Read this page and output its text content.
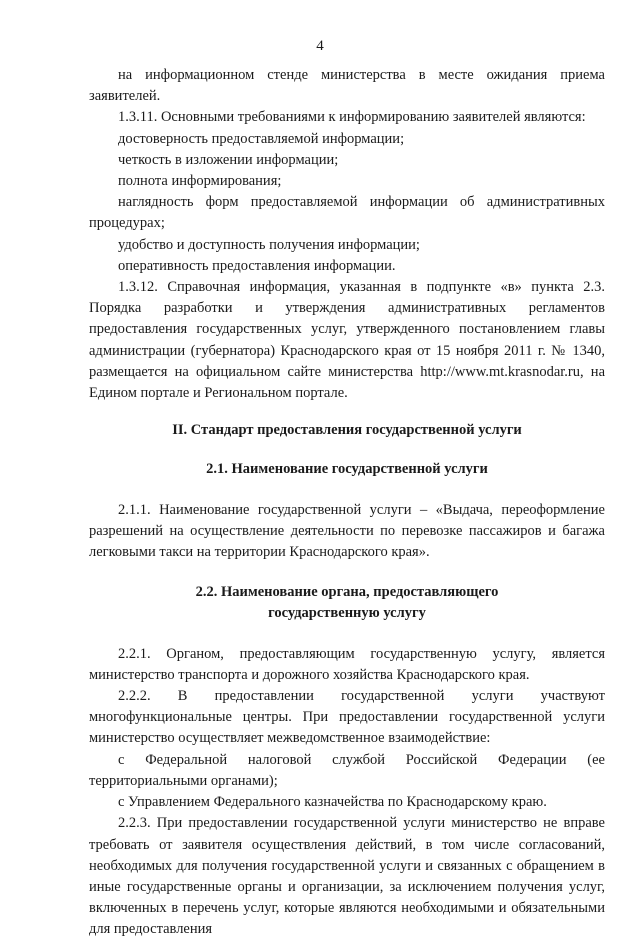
4

на информационном стенде министерства в месте ожидания приема заявителей.

1.3.11. Основными требованиями к информированию заявителей являются:

достоверность предоставляемой информации;

четкость в изложении информации;

полнота информирования;

наглядность форм предоставляемой информации об административных процедурах;

удобство и доступность получения информации;

оперативность предоставления информации.

1.3.12. Справочная информация, указанная в подпункте «в» пункта 2.3. Порядка разработки и утверждения административных регламентов предоставления государственных услуг, утвержденного постановлением главы администрации (губернатора) Краснодарского края от 15 ноября 2011 г. № 1340, размещается на официальном сайте министерства http://www.mt.krasnodar.ru, на Едином портале и Региональном портале.

II. Стандарт предоставления государственной услуги

2.1. Наименование государственной услуги

2.1.1. Наименование государственной услуги – «Выдача, переоформление разрешений на осуществление деятельности по перевозке пассажиров и багажа легковыми такси на территории Краснодарского края».

2.2. Наименование органа, предоставляющего

государственную услугу

2.2.1. Органом, предоставляющим государственную услугу, является министерство транспорта и дорожного хозяйства Краснодарского края.

2.2.2. В предоставлении государственной услуги участвуют многофункциональные центры. При предоставлении государственной услуги министерство осуществляет межведомственное взаимодействие:

с Федеральной налоговой службой Российской Федерации (ее территориальными органами);

с Управлением Федерального казначейства по Краснодарскому краю.

2.2.3. При предоставлении государственной услуги министерство не вправе требовать от заявителя осуществления действий, в том числе согласований, необходимых для получения государственной услуги и связанных с обращением в иные государственные органы и организации, за исключением получения услуг, включенных в перечень услуг, которые являются необходимыми и обязательными для предоставления
